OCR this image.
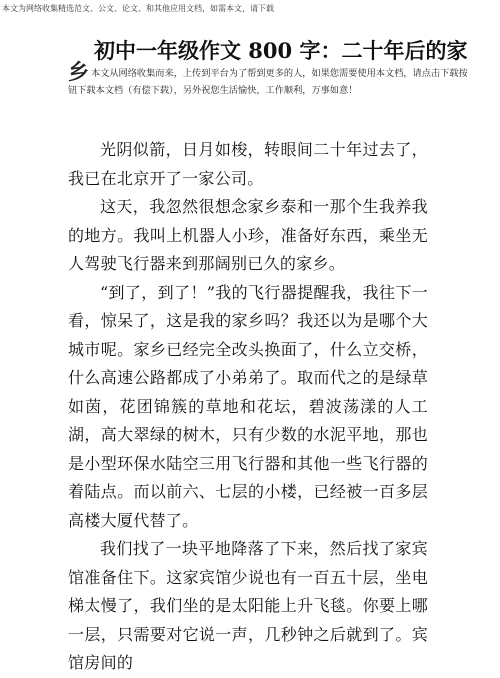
本文为网络收集精选范文、公文、论文、和其他应用文档，如需本文，请下载
初中一年级作文 800 字：二十年后的家
乡本文从网络收集而来，上传到平台为了帮到更多的人，如果您需要使用本文档，请点击下载按钮下载本文档（有偿下载），另外祝您生活愉快，工作顺利，万事如意！

光阴似箭，日月如梭，转眼间二十年过去了，我已在北京开了一家公司。

这天，我忽然很想念家乡泰和一那个生我养我的地方。我叫上机器人小珍，准备好东西，乘坐无人驾驶飞行器来到那阔别已久的家乡。

“到了，到了！”我的飞行器提醒我，我往下一看，惊呆了，这是我的家乡吗？我还以为是哪个大城市呢。家乡已经完全改头换面了，什么立交桥，什么高速公路都成了小弟弟了。取而代之的是绿草如茵，花团锦簇的草地和花坛，碧波荡漾的人工湖，高大翠绿的树木，只有少数的水泥平地，那也是小型环保水陆空三用飞行器和其他一些飞行器的着陆点。而以前六、七层的小楼，已经被一百多层高楼大厦代替了。

我们找了一块平地降落了下来，然后找了家宾馆准备住下。这家宾馆少说也有一百五十层，坐电梯太慢了，我们坐的是太阳能上升飞毯。你要上哪一层，只需要对它说一声，几秒钟之后就到了。宾馆房间的
